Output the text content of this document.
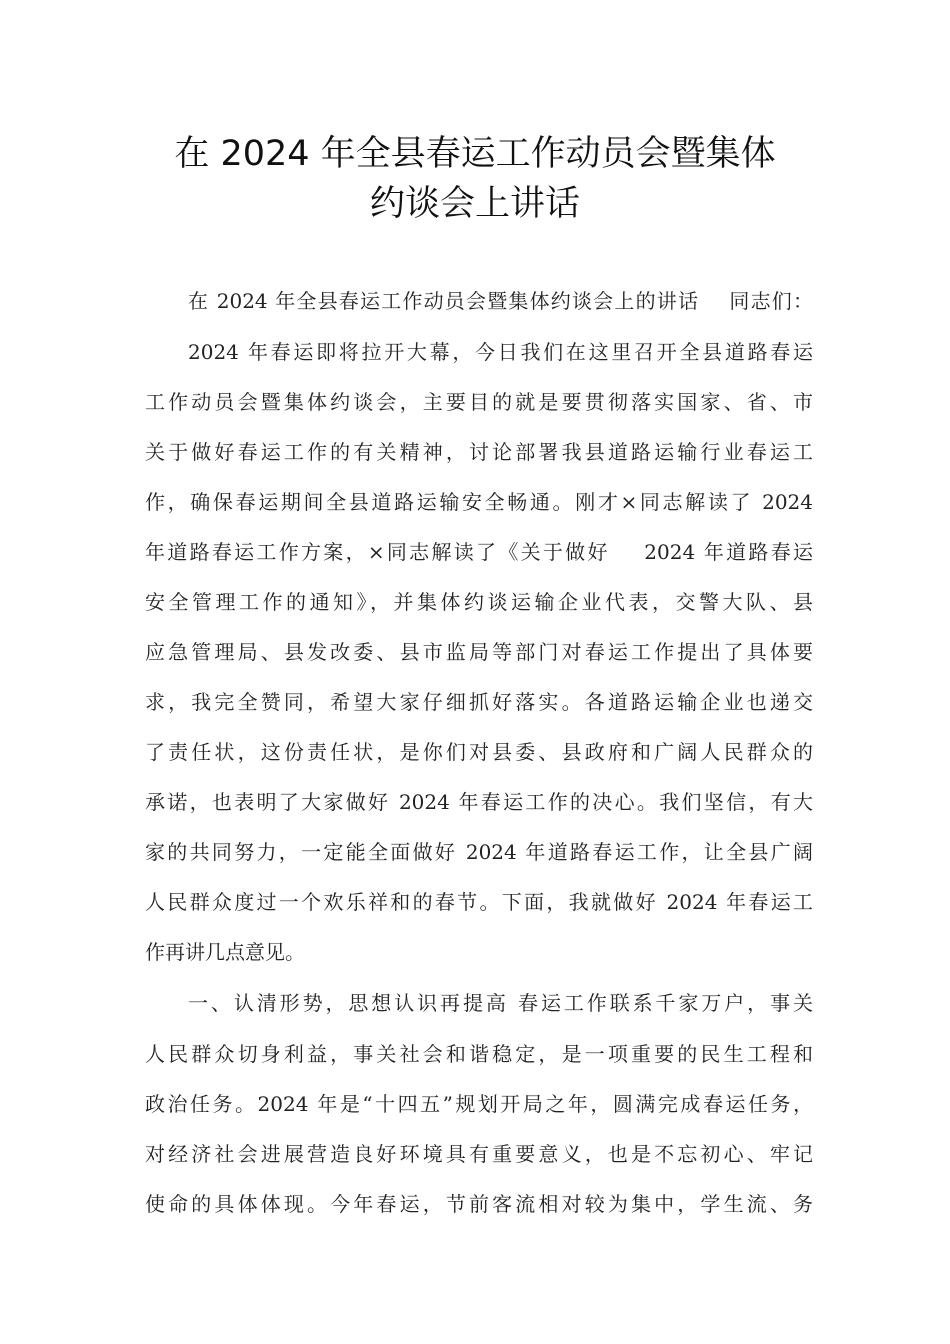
在 2024 年全县春运工作动员会暨集体
约谈会上讲话
在 2024 年全县春运工作动员会暨集体约谈会上的讲话    同志们：
2024 年春运即将拉开大幕，今日我们在这里召开全县道路春运
工作动员会暨集体约谈会，主要目的就是要贯彻落实国家、省、市
关于做好春运工作的有关精神，讨论部署我县道路运输行业春运工
作，确保春运期间全县道路运输安全畅通。刚才×同志解读了 2024
年道路春运工作方案，×同志解读了《关于做好    2024 年道路春运
安全管理工作的通知》，并集体约谈运输企业代表，交警大队、县
应急管理局、县发改委、县市监局等部门对春运工作提出了具体要
求，我完全赞同，希望大家仔细抓好落实。各道路运输企业也递交
了责任状，这份责任状，是你们对县委、县政府和广阔人民群众的
承诺，也表明了大家做好 2024 年春运工作的决心。我们坚信，有大
家的共同努力，一定能全面做好 2024 年道路春运工作，让全县广阔
人民群众度过一个欢乐祥和的春节。下面，我就做好 2024 年春运工
作再讲几点意见。
一、认清形势，思想认识再提高 春运工作联系千家万户，事关
人民群众切身利益，事关社会和谐稳定，是一项重要的民生工程和
政治任务。2024 年是“十四五”规划开局之年，圆满完成春运任务，
对经济社会进展营造良好环境具有重要意义，也是不忘初心、牢记
使命的具体体现。今年春运，节前客流相对较为集中，学生流、务
